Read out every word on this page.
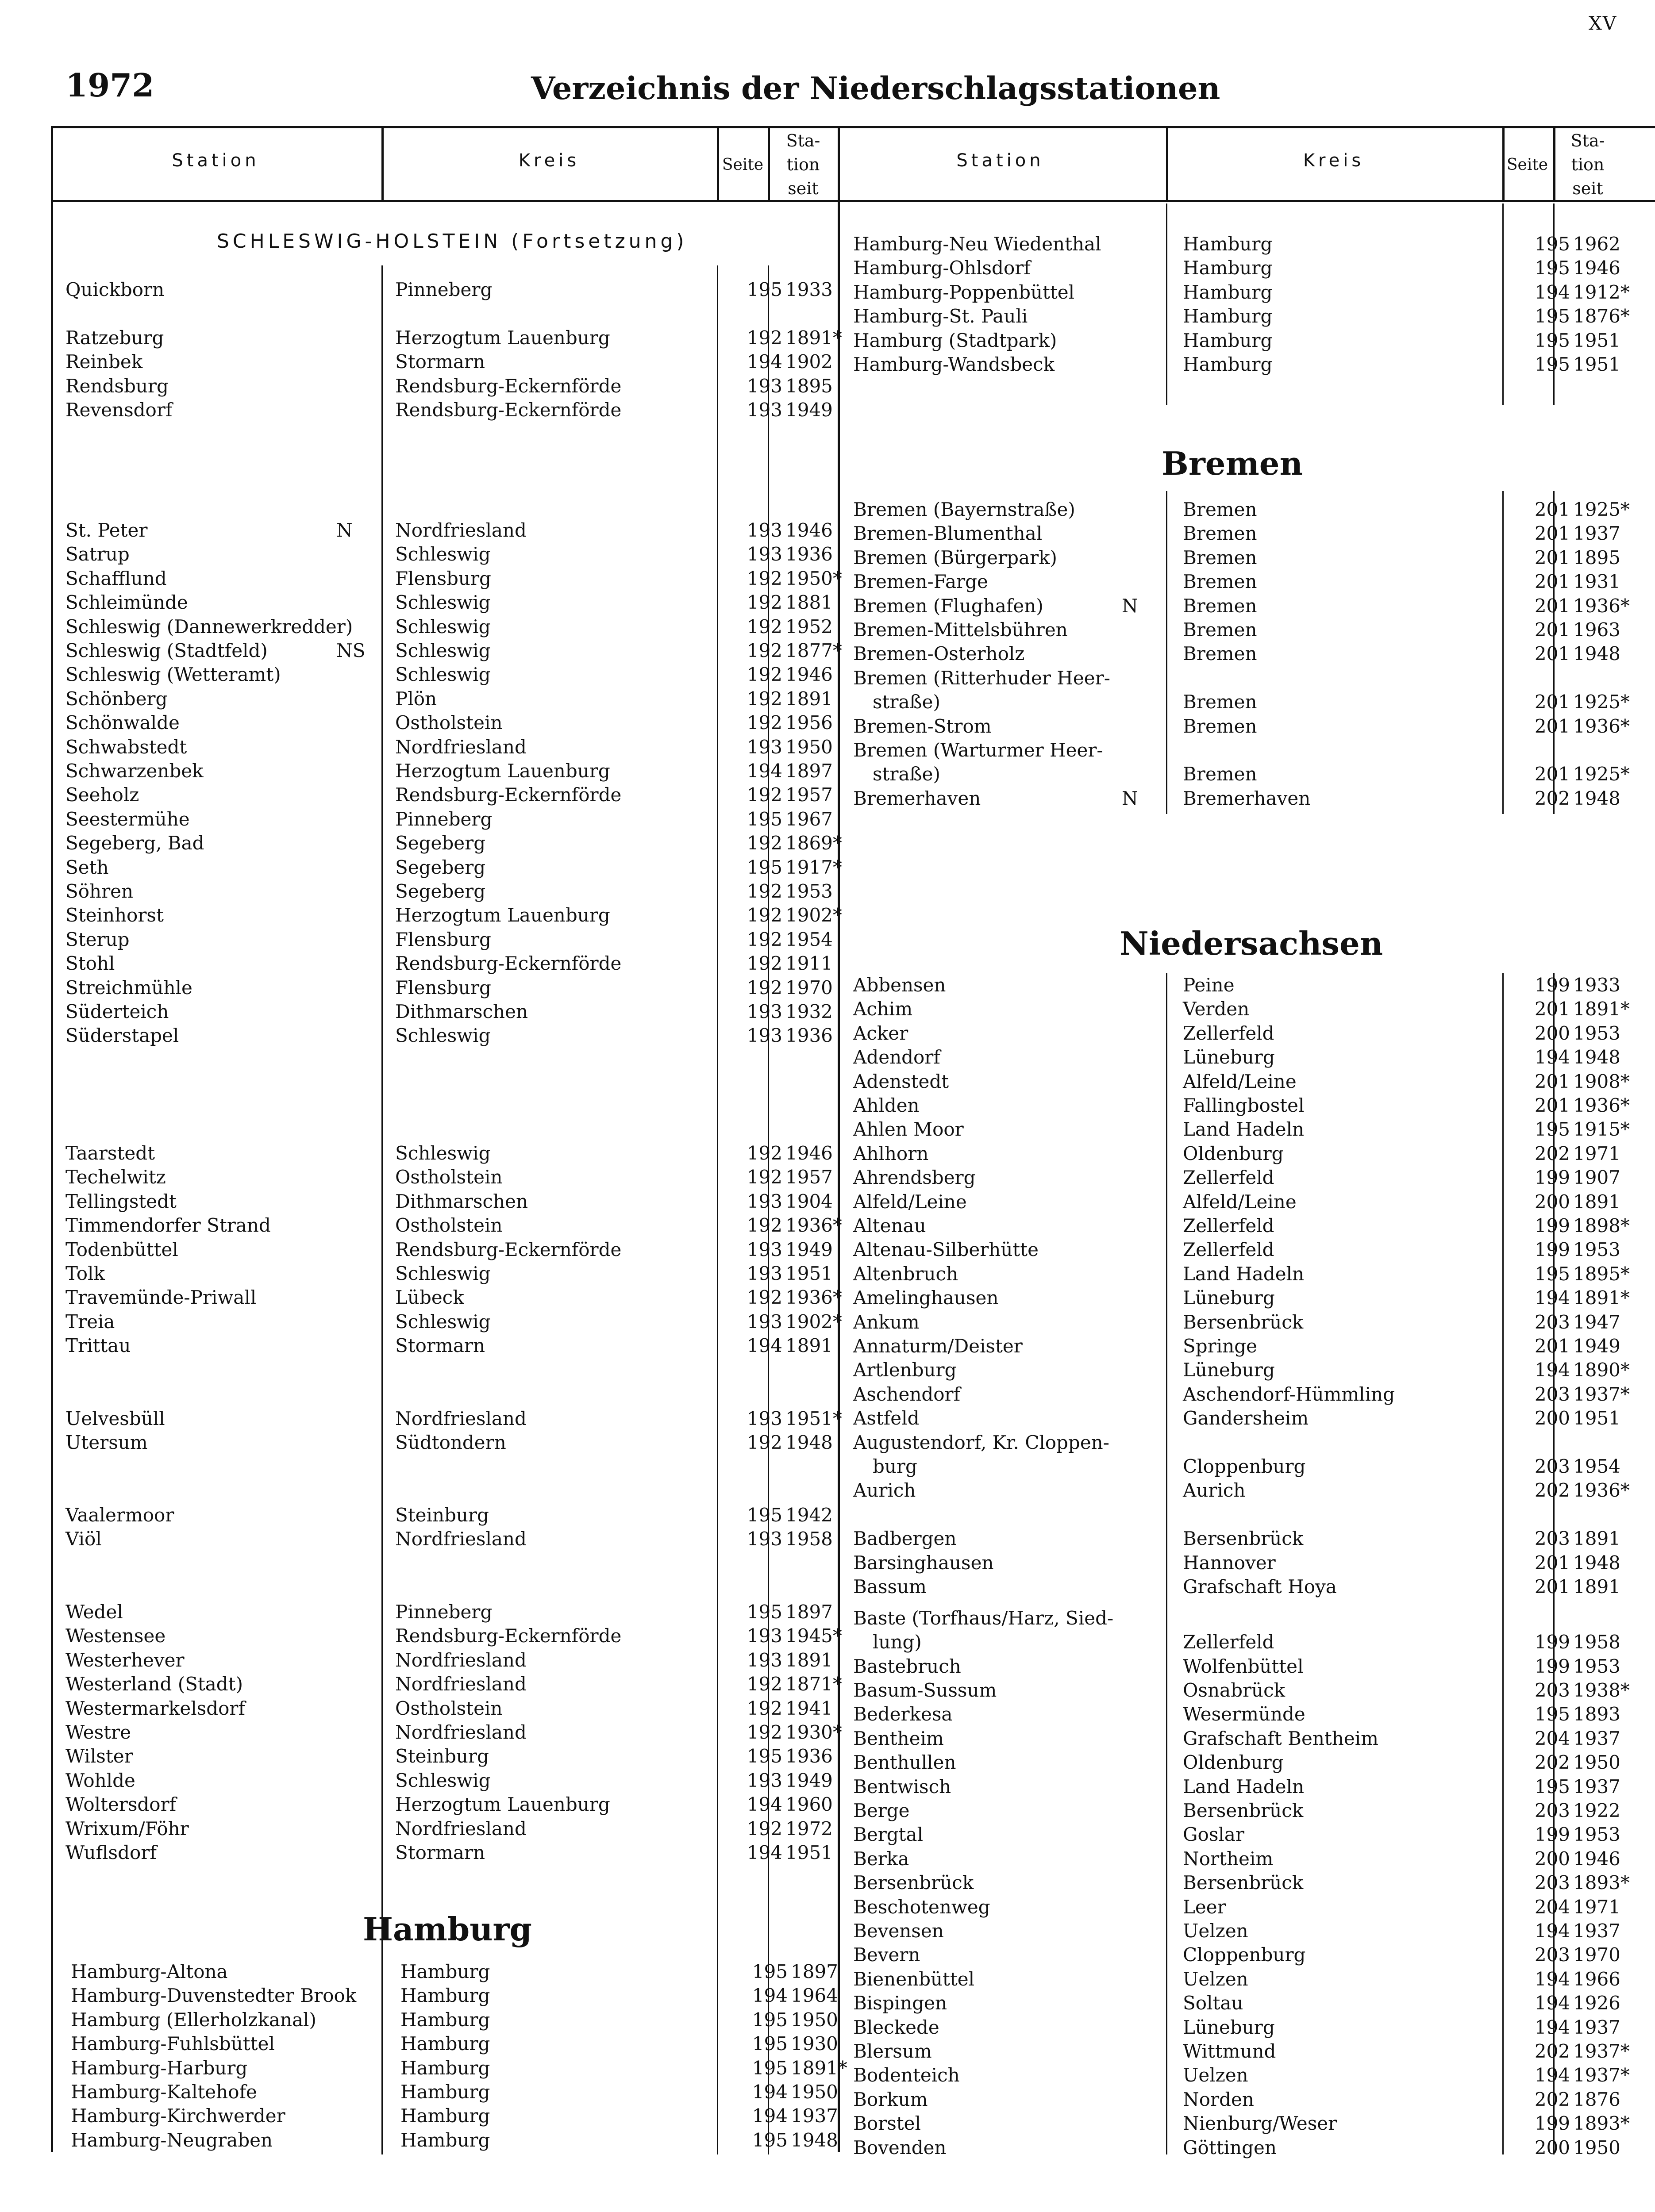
XV
1972	Verzeichnis der Niederschlagsstationen
Station	Kreis	Seite
Sta-
tion
seit
Station	Kreis	Seite
Sta-
tion
seit
SCHLESWIG-HOLSTEIN (Fortsetzung)
Quickborn	Pinneberg	195 1933
Ratzeburg	Herzogtum Lauenburg	192 1891*
Reinbek	Stormarn	194 1902
Rendsburg	Rendsburg-Eckernförde	193 1895
Revensdorf	Rendsburg-Eckernförde	193 1949
St. Peter	N Nordfriesland	193 1946
Satrup	Schleswig	193 1936
Schafflund	Flensburg	192 1950*
Schleimünde	Schleswig	192 1881
Schleswig (Dannewerkredder) Schleswig	192 1952
Schleswig (Stadtfeld)	NS Schleswig	192 1877*
Schleswig (Wetteramt)	Schleswig	192 1946
Schönberg	Plön	192 1891
Schönwalde	Ostholstein	192 1956
Schwabstedt	Nordfriesland	193 1950
Schwarzenbek	Herzogtum Lauenburg	194 1897
Seeholz	Rendsburg-Eckernförde	192 1957
Seestermühe	Pinneberg	195 1967
Segeberg, Bad	Segeberg	192 1869*
Seth	Segeberg	195 1917*
Söhren	Segeberg	192 1953
Steinhorst	Herzogtum Lauenburg	192 1902*
Sterup	Flensburg	192 1954
Stohl	Rendsburg-Eckernförde	192 1911
Streichmühle	Flensburg	192 1970
Süderteich	Dithmarschen	193 1932
Süderstapel	Schleswig	193 1936
Taarstedt	Schleswig	192 1946
Techelwitz	Ostholstein	192 1957
Tellingstedt	Dithmarschen	193 1904
Timmendorfer Strand	Ostholstein	192 1936*
Todenbüttel	Rendsburg-Eckernförde	193 1949
Tolk	Schleswig	193 1951
Travemünde-Priwall	Lübeck	192 1936*
Treia	Schleswig	193 1902*
Trittau	Stormarn	194 1891
Uelvesbüll	Nordfriesland	193 1951*
Utersum	Südtondern	192 1948
Vaalermoor	Steinburg	195 1942
Viöl	Nordfriesland	193 1958
Wedel	Pinneberg	195 1897
Westensee	Rendsburg-Eckernförde	193 1945*
Westerhever	Nordfriesland	193 1891
Westerland (Stadt)	Nordfriesland	192 1871*
Westermarkelsdorf	Ostholstein	192 1941
Westre	Nordfriesland	192 1930*
Wilster	Steinburg	195 1936
Wohlde	Schleswig	193 1949
Woltersdorf	Herzogtum Lauenburg	194 1960
Wrixum/Föhr	Nordfriesland	192 1972
Wuflsdorf	Stormarn	194 1951
Hamburg
Hamburg-Altona	Hamburg	195 1897
Hamburg-Duvenstedter Brook Hamburg	194 1964
Hamburg (Ellerholzkanal)	Hamburg	195 1950
Hamburg-Fuhlsbüttel	Hamburg	195 1930
Hamburg-Harburg	Hamburg	195 1891*
Hamburg-Kaltehofe	Hamburg	194 1950
Hamburg-Kirchwerder	Hamburg	194 1937
Hamburg-Neugraben	Hamburg	195 1948
Hamburg-Neu Wiedenthal	Hamburg	195 1962
Hamburg-Ohlsdorf	Hamburg	195 1946
Hamburg-Poppenbüttel	Hamburg	194 1912*
Hamburg-St. Pauli	Hamburg	195 1876*
Hamburg (Stadtpark)	Hamburg	195 1951
Hamburg-Wandsbeck	Hamburg	195 1951
Bremen
Bremen (Bayernstraße)	Bremen	201 1925*
Bremen-Blumenthal	Bremen	201 1937
Bremen (Bürgerpark)	Bremen	201 1895
Bremen-Farge	Bremen	201 1931
Bremen (Flughafen)	N Bremen	201 1936*
Bremen-Mittelsbühren	Bremen	201 1963
Bremen-Osterholz	Bremen	201 1948
Bremen (Ritterhuder Heer-
straße)	Bremen	201 1925*
Bremen-Strom	Bremen	201 1936*
Bremen (Warturmer Heer-
straße)	Bremen	201 1925*
Bremerhaven	N Bremerhaven	202 1948
Niedersachsen
Abbensen	Peine	199 1933
Achim	Verden	201 1891*
Acker	Zellerfeld	200 1953
Adendorf	Lüneburg	194 1948
Adenstedt	Alfeld/Leine	201 1908*
Ahlden	Fallingbostel	201 1936*
Ahlen Moor	Land Hadeln	195 1915*
Ahlhorn	Oldenburg	202 1971
Ahrendsberg	Zellerfeld	199 1907
Alfeld/Leine	Alfeld/Leine	200 1891
Altenau	Zellerfeld	199 1898*
Altenau-Silberhütte	Zellerfeld	199 1953
Altenbruch	Land Hadeln	195 1895*
Amelinghausen	Lüneburg	194 1891*
Ankum	Bersenbrück	203 1947
Annaturm/Deister	Springe	201 1949
Artlenburg	Lüneburg	194 1890*
Aschendorf	Aschendorf-Hümmling	203 1937*
Astfeld	Gandersheim	200 1951
Augustendorf, Kr. Cloppen-
burg	Cloppenburg	203 1954
Aurich	Aurich	202 1936*
Badbergen	Bersenbrück	203 1891
Barsinghausen	Hannover	201 1948
Bassum	Grafschaft Hoya	201 1891
Baste (Torfhaus/Harz, Sied-
lung)	Zellerfeld	199 1958
Bastebruch	Wolfenbüttel	199 1953
Basum-Sussum	Osnabrück	203 1938*
Bederkesa	Wesermünde	195 1893
Bentheim	Grafschaft Bentheim	204 1937
Benthullen	Oldenburg	202 1950
Bentwisch	Land Hadeln	195 1937
Berge	Bersenbrück	203 1922
Bergtal	Goslar	199 1953
Berka	Northeim	200 1946
Bersenbrück	Bersenbrück	203 1893*
Beschotenweg	Leer	204 1971
Bevensen	Uelzen	194 1937
Bevern	Cloppenburg	203 1970
Bienenbüttel	Uelzen	194 1966
Bispingen	Soltau	194 1926
Bleckede	Lüneburg	194 1937
Blersum	Wittmund	202 1937*
Bodenteich	Uelzen	194 1937*
Borkum	Norden	202 1876
Borstel	Nienburg/Weser	199 1893*
Bovenden	Göttingen	200 1950
